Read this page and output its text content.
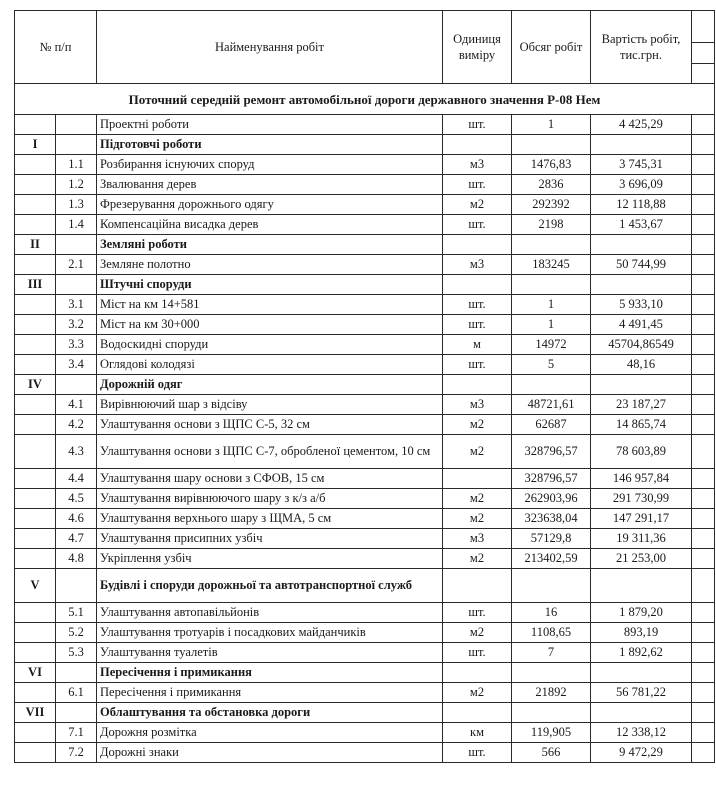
№ п/п		Найменування робіт	Одиниця виміру	Обсяг робіт	Вартість робіт, тис.грн.	

Поточний середній ремонт автомобільної дороги державного значення Р-08 Нем						
		Проектні роботи	шт.	1	4 425,29	
I		Підготовчі роботи				
	1.1	Розбирання існуючих споруд	м3	1476,83	3 745,31	
	1.2	Звалювання дерев	шт.	2836	3 696,09	
	1.3	Фрезерування дорожнього одягу	м2	292392	12 118,88	
	1.4	Компенсаційна висадка дерев	шт.	2198	1 453,67	
II		Земляні роботи				
	2.1	Земляне полотно	м3	183245	50 744,99	
III		Штучні споруди				
	3.1	Міст на км 14+581	шт.	1	5 933,10	
	3.2	Міст на км 30+000	шт.	1	4 491,45	
	3.3	Водоскидні споруди	м	14972	45704,86549	
	3.4	Оглядові колодязі	шт.	5	48,16	
IV		Дорожній одяг				
	4.1	Вирівнюючий шар з відсіву	м3	48721,61	23 187,27	
	4.2	Улаштування основи з ЩПС С-5, 32 см	м2	62687	14 865,74	
	4.3	Улаштування основи з ЩПС С-7, обробленої цементом, 10 см	м2	328796,57	78 603,89	
	4.4	Улаштування шару основи з СФОВ, 15 см		328796,57	146 957,84	
	4.5	Улаштування вирівнюючого шару з к/з а/б	м2	262903,96	291 730,99	
	4.6	Улаштування верхнього шару з ЩМА, 5 см	м2	323638,04	147 291,17	
	4.7	Улаштування присипних узбіч	м3	57129,8	19 311,36	
	4.8	Укріплення узбіч	м2	213402,59	21 253,00	
V		Будівлі і споруди дорожньої та автотранспортної служб				
	5.1	Улаштування автопавільйонів	шт.	16	1 879,20	
	5.2	Улаштування тротуарів і посадкових майданчиків	м2	1108,65	893,19	
	5.3	Улаштування туалетів	шт.	7	1 892,62	
VI		Пересічення і примикання				
	6.1	Пересічення і примикання	м2	21892	56 781,22	
VII		Облаштування та обстановка дороги				
	7.1	Дорожня розмітка	км	119,905	12 338,12	
	7.2	Дорожні знаки	шт.	566	9 472,29	
